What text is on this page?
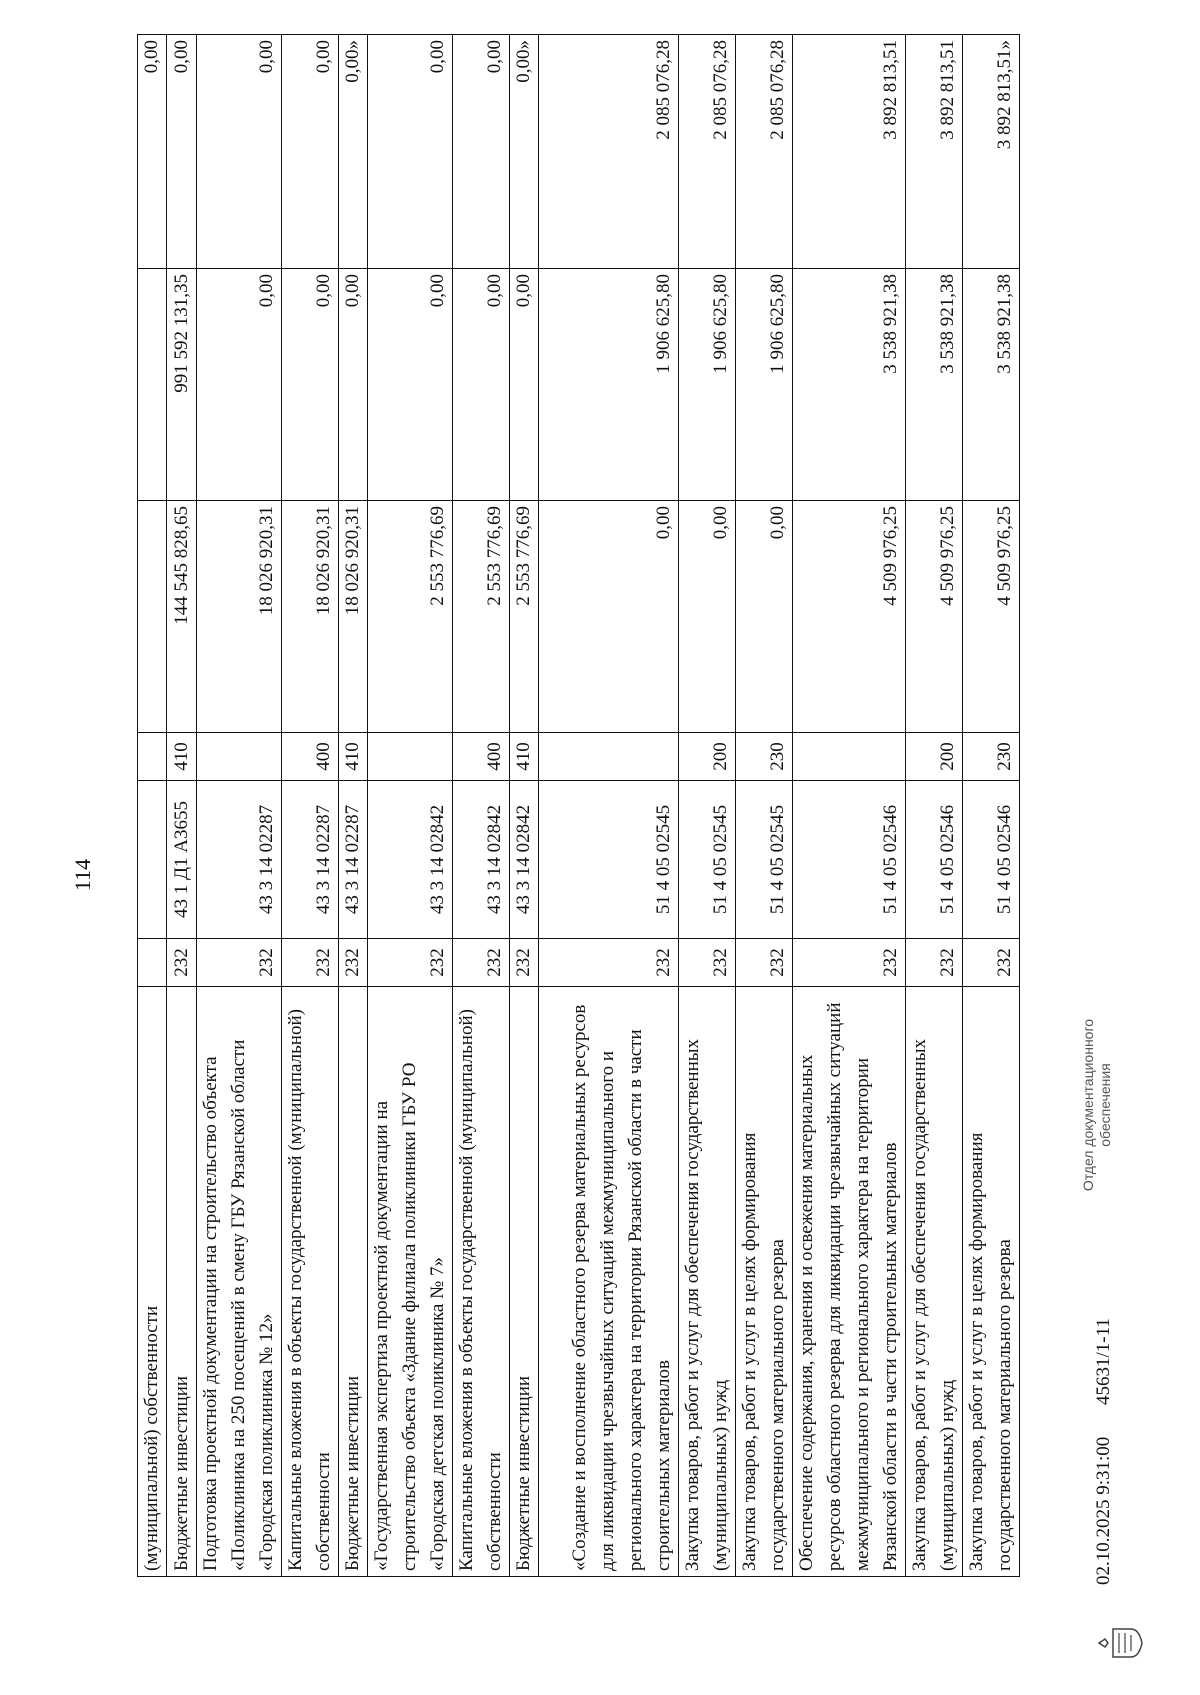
114
(муниципальной) собственности						0,00
Бюджетные инвестиции	232	43 1 Д1 А3655	410	144 545 828,65	991 592 131,35	0,00
Подготовка проектной документации на строительство объекта «Поликлиника на 250 посещений в смену ГБУ Рязанской области «Городская поликлиника № 12»	232	43 3 14 02287		18 026 920,31	0,00	0,00
Капитальные вложения в объекты государственной (муниципальной) собственности	232	43 3 14 02287	400	18 026 920,31	0,00	0,00
Бюджетные инвестиции	232	43 3 14 02287	410	18 026 920,31	0,00	0,00»
«Государственная экспертиза проектной документации на строительство объекта «Здание филиала поликлиники ГБУ РО «Городская детская поликлиника № 7»	232	43 3 14 02842		2 553 776,69	0,00	0,00
Капитальные вложения в объекты государственной (муниципальной) собственности	232	43 3 14 02842	400	2 553 776,69	0,00	0,00
Бюджетные инвестиции	232	43 3 14 02842	410	2 553 776,69	0,00	0,00»
«Создание и восполнение областного резерва материальных ресурсов для ликвидации чрезвычайных ситуаций межмуниципального и регионального характера на территории Рязанской области в части строительных материалов	232	51 4 05 02545		0,00	1 906 625,80	2 085 076,28
Закупка товаров, работ и услуг для обеспечения государственных (муниципальных) нужд	232	51 4 05 02545	200	0,00	1 906 625,80	2 085 076,28
Закупка товаров, работ и услуг в целях формирования государственного материального резерва	232	51 4 05 02545	230	0,00	1 906 625,80	2 085 076,28
Обеспечение содержания, хранения и освежения материальных ресурсов областного резерва для ликвидации чрезвычайных ситуаций межмуниципального и регионального характера на территории Рязанской области в части строительных материалов	232	51 4 05 02546		4 509 976,25	3 538 921,38	3 892 813,51
Закупка товаров, работ и услуг для обеспечения государственных (муниципальных) нужд	232	51 4 05 02546	200	4 509 976,25	3 538 921,38	3 892 813,51
Закупка товаров, работ и услуг в целях формирования государственного материального резерва	232	51 4 05 02546	230	4 509 976,25	3 538 921,38	3 892 813,51»
02.10.2025 9:31:00
45631/1-11
Отдел документационного обеспечения
